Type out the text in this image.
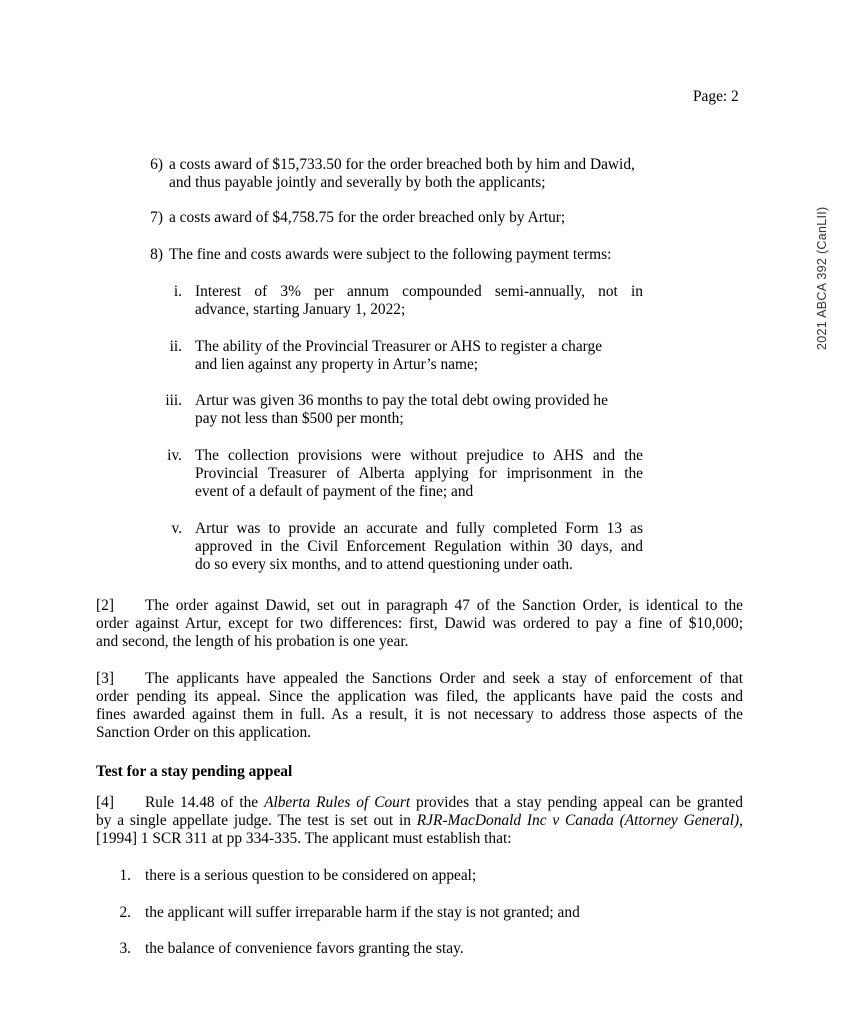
Page: 2
2021 ABCA 392 (CanLII)
6) a costs award of $15,733.50 for the order breached both by him and Dawid,
and thus payable jointly and severally by both the applicants;
7) a costs award of $4,758.75 for the order breached only by Artur;
8) The fine and costs awards were subject to the following payment terms:
i. Interest of 3% per annum compounded semi-annually, not in
advance, starting January 1, 2022;
ii. The ability of the Provincial Treasurer or AHS to register a charge
and lien against any property in Artur’s name;
iii. Artur was given 36 months to pay the total debt owing provided he
pay not less than $500 per month;
iv. The collection provisions were without prejudice to AHS and the
Provincial Treasurer of Alberta applying for imprisonment in the
event of a default of payment of the fine; and
v. Artur was to provide an accurate and fully completed Form 13 as
approved in the Civil Enforcement Regulation within 30 days, and
do so every six months, and to attend questioning under oath.
[2]	The order against Dawid, set out in paragraph 47 of the Sanction Order, is identical to the
order against Artur, except for two differences: first, Dawid was ordered to pay a fine of $10,000;
and second, the length of his probation is one year.
[3]	The applicants have appealed the Sanctions Order and seek a stay of enforcement of that
order pending its appeal. Since the application was filed, the applicants have paid the costs and
fines awarded against them in full. As a result, it is not necessary to address those aspects of the
Sanction Order on this application.
Test for a stay pending appeal
[4]	Rule 14.48 of the Alberta Rules of Court provides that a stay pending appeal can be granted
by a single appellate judge. The test is set out in RJR-MacDonald Inc v Canada (Attorney General),
[1994] 1 SCR 311 at pp 334-335. The applicant must establish that:
1. there is a serious question to be considered on appeal;
2. the applicant will suffer irreparable harm if the stay is not granted; and
3. the balance of convenience favors granting the stay.
